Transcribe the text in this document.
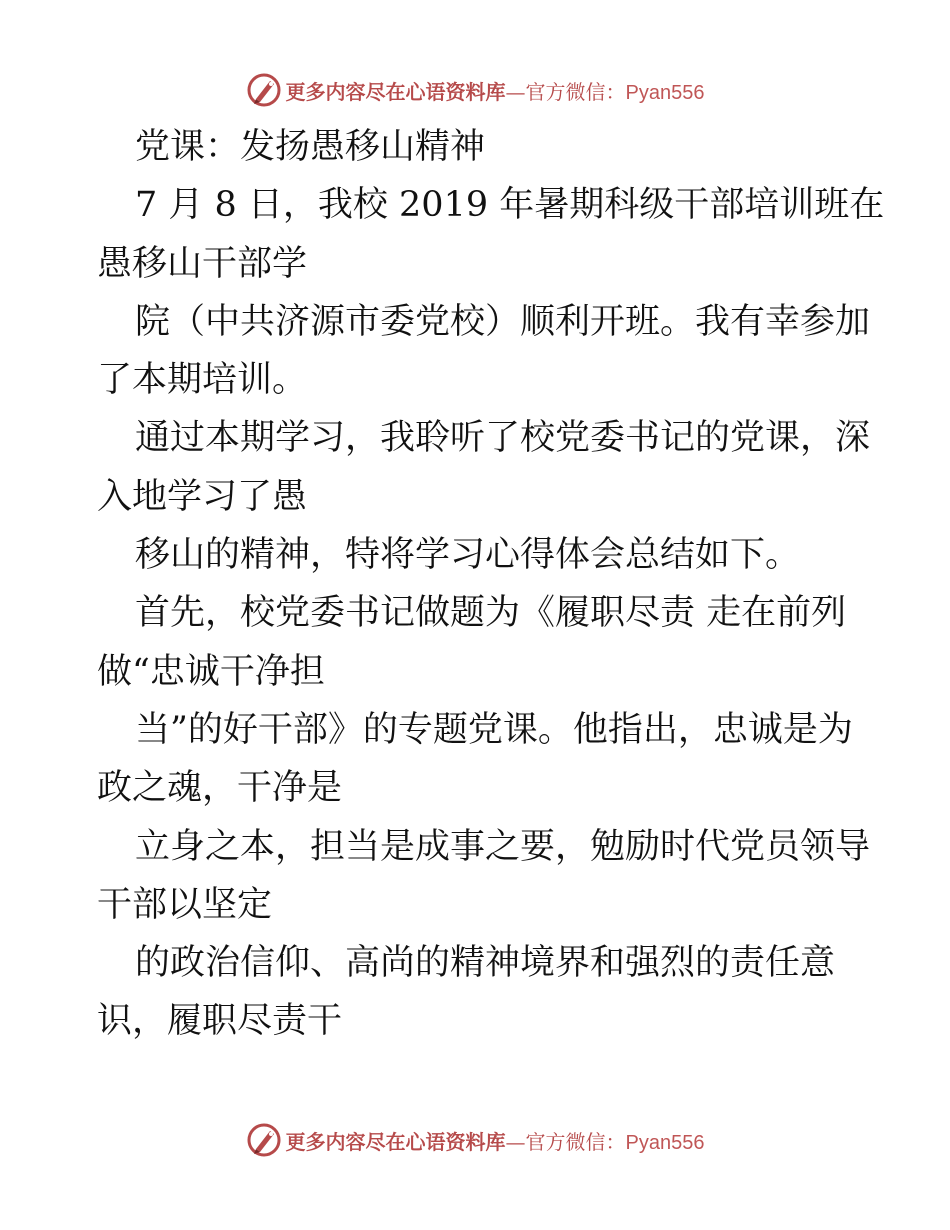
更多内容尽在心语资料库—官方微信：Pyan556
党课：发扬愚移山精神
7 月 8 日，我校 2019 年暑期科级干部培训班在
愚移山干部学
院（中共济源市委党校）顺利开班。我有幸参加
了本期培训。
通过本期学习，我聆听了校党委书记的党课，深
入地学习了愚
移山的精神，特将学习心得体会总结如下。
首先，校党委书记做题为《履职尽责 走在前列
做“忠诚干净担
当”的好干部》的专题党课。他指出，忠诚是为
政之魂，干净是
立身之本，担当是成事之要，勉励时代党员领导
干部以坚定
的政治信仰、高尚的精神境界和强烈的责任意
识，履职尽责干
更多内容尽在心语资料库—官方微信：Pyan556
